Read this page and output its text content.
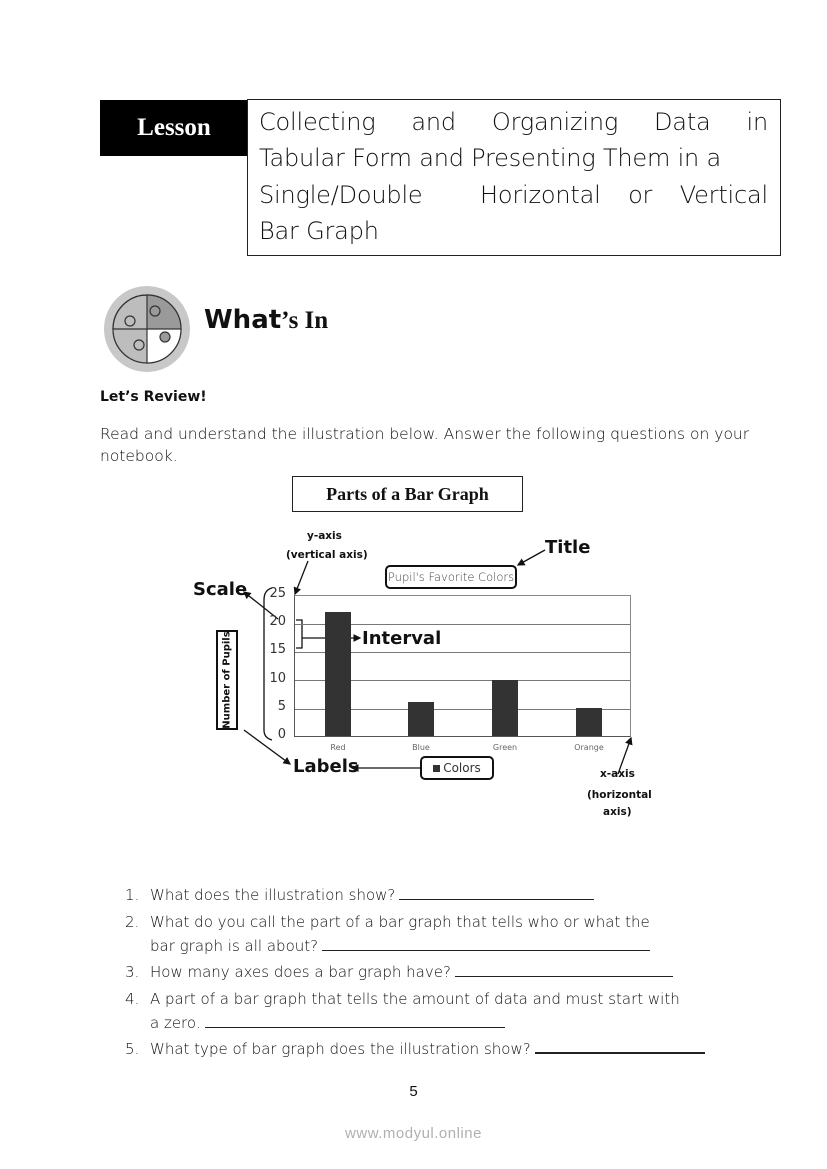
Lesson	Collecting and Organizing Data in
Tabular Form and Presenting Them in a
Single/Double Horizontal or Vertical
Bar Graph
What’s In
Let’s Review!
Read and understand the illustration below. Answer the following questions on your notebook.
Parts of a Bar Graph
y-axis
(vertical axis)	Title
Scale
Interval
Labels	x-axis
(horizontal
axis)
Pupil's Favorite Colors
Number of Pupils
25
20
15
10
5
0
Red	Blue	Green	Orange
Colors
1. What does the illustration show?
2. What do you call the part of a bar graph that tells who or what the
bar graph is all about?
3. How many axes does a bar graph have?
4. A part of a bar graph that tells the amount of data and must start with
a zero.
5. What type of bar graph does the illustration show?
5
www.modyul.online
